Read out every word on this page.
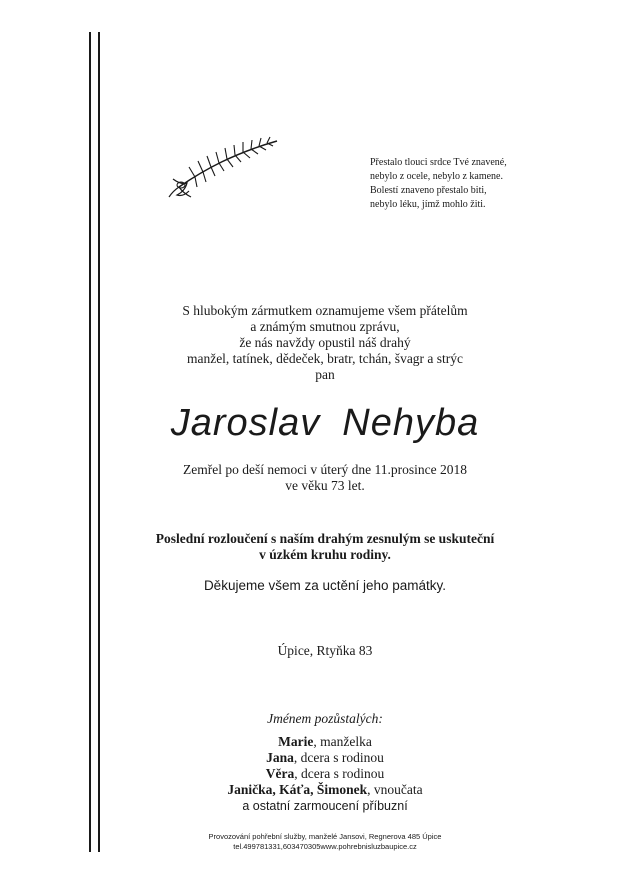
Přestalo tlouci srdce Tvé znavené,
nebylo z ocele, nebylo z kamene.
Bolestí znaveno přestalo biti,
nebylo léku, jímž mohlo žiti.
S hlubokým zármutkem oznamujeme všem přátelům
a známým smutnou zprávu,
že nás navždy opustil náš drahý
manžel, tatínek, dědeček, bratr, tchán, švagr a strýc
pan
Jaroslav Nehyba
Zemřel po deší nemoci v úterý dne 11.prosince 2018
ve věku 73 let.
Poslední rozloučení s naším drahým zesnulým se uskuteční
v úzkém kruhu rodiny.
Děkujeme všem za uctění jeho památky.
Úpice, Rtyňka 83
Jménem pozůstalých:
Marie, manželka
Jana, dcera s rodinou
Věra, dcera s rodinou
Janička, Káťa, Šimonek, vnoučata
a ostatní zarmoucení příbuzní
Provozování pohřební služby, manželé Jansovi, Regnerova 485 Úpice
tel.499781331,603470305www.pohrebnisluzbaupice.cz
